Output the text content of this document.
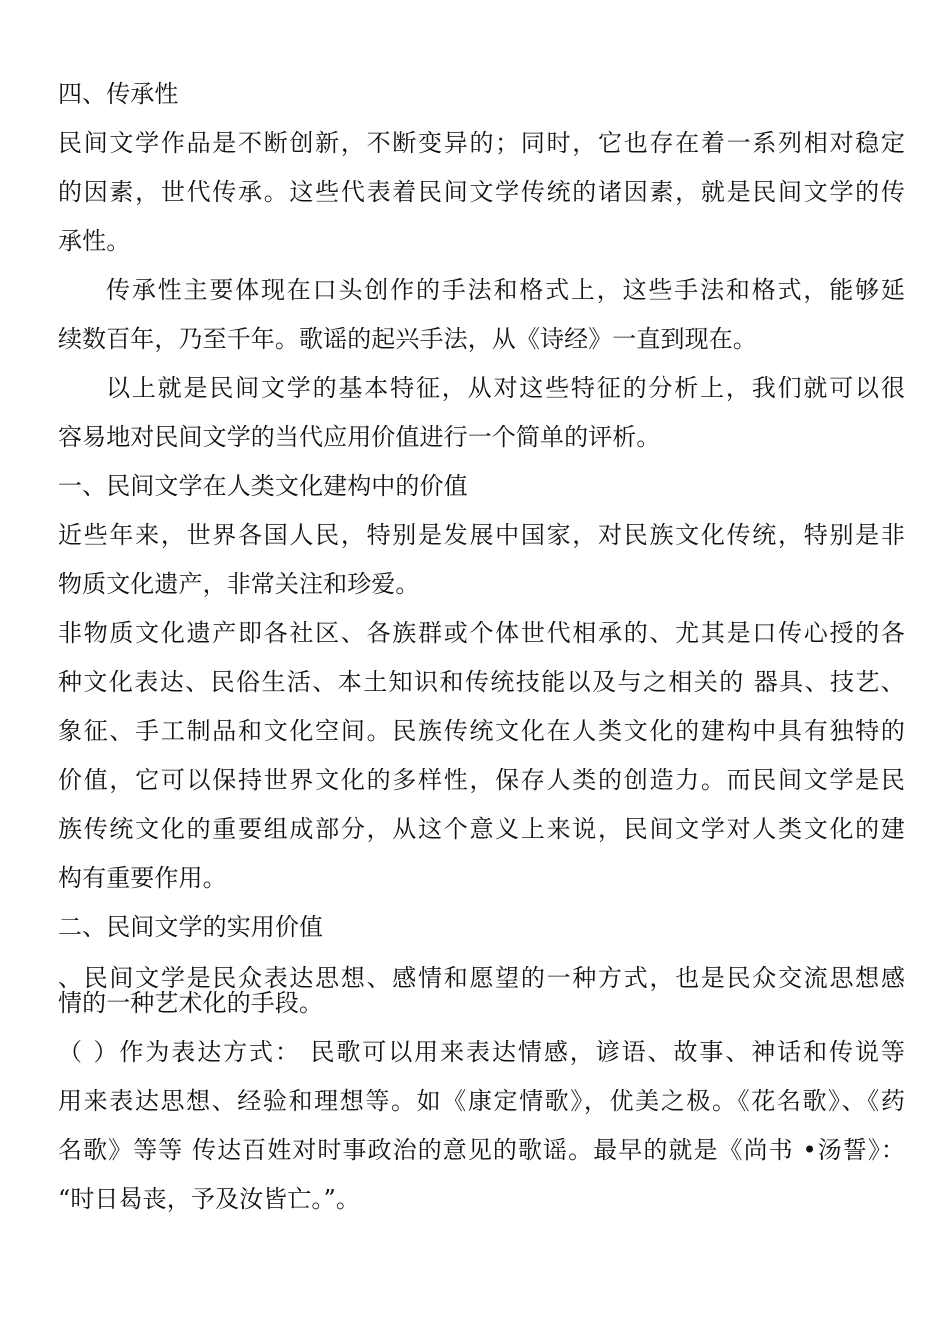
四、传承性
民间文学作品是不断创新，不断变异的；同时，它也存在着一系列相对稳定
的因素，世代传承。这些代表着民间文学传统的诸因素，就是民间文学的传
承性。
传承性主要体现在口头创作的手法和格式上，这些手法和格式，能够延
续数百年，乃至千年。歌谣的起兴手法，从《诗经》一直到现在。
以上就是民间文学的基本特征，从对这些特征的分析上，我们就可以很
容易地对民间文学的当代应用价值进行一个简单的评析。
一、民间文学在人类文化建构中的价值
近些年来，世界各国人民，特别是发展中国家，对民族文化传统，特别是非
物质文化遗产，非常关注和珍爱。
非物质文化遗产即各社区、各族群或个体世代相承的、尤其是口传心授的各
种文化表达、民俗生活、本土知识和传统技能以及与之相关的 器具、技艺、
象征、手工制品和文化空间。民族传统文化在人类文化的建构中具有独特的
价值，它可以保持世界文化的多样性，保存人类的创造力。而民间文学是民
族传统文化的重要组成部分，从这个意义上来说，民间文学对人类文化的建
构有重要作用。
二、民间文学的实用价值
、民间文学是民众表达思想、感情和愿望的一种方式，也是民众交流思想感
情的一种艺术化的手段。
（ ）作为表达方式： 民歌可以用来表达情感，谚语、故事、神话和传说等
用来表达思想、经验和理想等。如《康定情歌》，优美之极。《花名歌》、《药
名歌》等等 传达百姓对时事政治的意见的歌谣。最早的就是《尚书 •汤誓》：
“时日曷丧，予及汝皆亡。”。
